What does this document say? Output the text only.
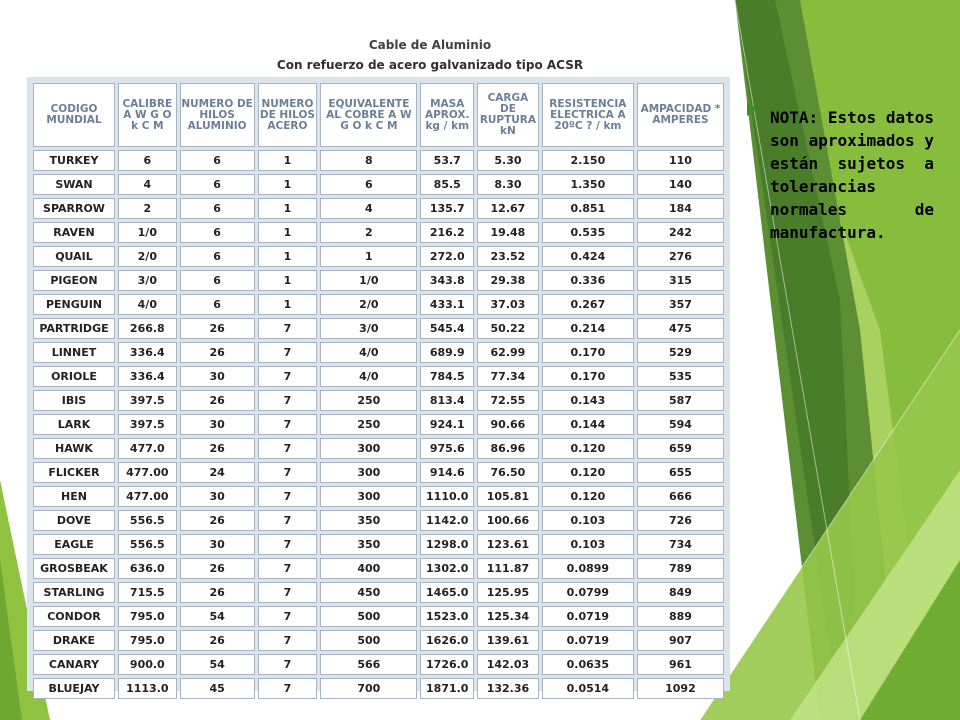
Cable de Aluminio
Con refuerzo de acero galvanizado tipo ACSR
CODIGO MUNDIAL	CALIBRE A W G O k C M	NUMERO DE HILOS ALUMINIO	NUMERO DE HILOS ACERO	EQUIVALENTE AL COBRE A W G O k C M	MASA APROX. kg / km	CARGA DE RUPTURA kN	RESISTENCIA ELECTRICA A 20ºC ? / km	AMPACIDAD * AMPERES
TURKEY	6	6	1	8	53.7	5.30	2.150	110
SWAN	4	6	1	6	85.5	8.30	1.350	140
SPARROW	2	6	1	4	135.7	12.67	0.851	184
RAVEN	1/0	6	1	2	216.2	19.48	0.535	242
QUAIL	2/0	6	1	1	272.0	23.52	0.424	276
PIGEON	3/0	6	1	1/0	343.8	29.38	0.336	315
PENGUIN	4/0	6	1	2/0	433.1	37.03	0.267	357
PARTRIDGE	266.8	26	7	3/0	545.4	50.22	0.214	475
LINNET	336.4	26	7	4/0	689.9	62.99	0.170	529
ORIOLE	336.4	30	7	4/0	784.5	77.34	0.170	535
IBIS	397.5	26	7	250	813.4	72.55	0.143	587
LARK	397.5	30	7	250	924.1	90.66	0.144	594
HAWK	477.0	26	7	300	975.6	86.96	0.120	659
FLICKER	477.00	24	7	300	914.6	76.50	0.120	655
HEN	477.00	30	7	300	1110.0	105.81	0.120	666
DOVE	556.5	26	7	350	1142.0	100.66	0.103	726
EAGLE	556.5	30	7	350	1298.0	123.61	0.103	734
GROSBEAK	636.0	26	7	400	1302.0	111.87	0.0899	789
STARLING	715.5	26	7	450	1465.0	125.95	0.0799	849
CONDOR	795.0	54	7	500	1523.0	125.34	0.0719	889
DRAKE	795.0	26	7	500	1626.0	139.61	0.0719	907
CANARY	900.0	54	7	566	1726.0	142.03	0.0635	961
BLUEJAY	1113.0	45	7	700	1871.0	132.36	0.0514	1092
NOTA: Estos datos son aproximados y están sujetos a tolerancias normales de manufactura.
